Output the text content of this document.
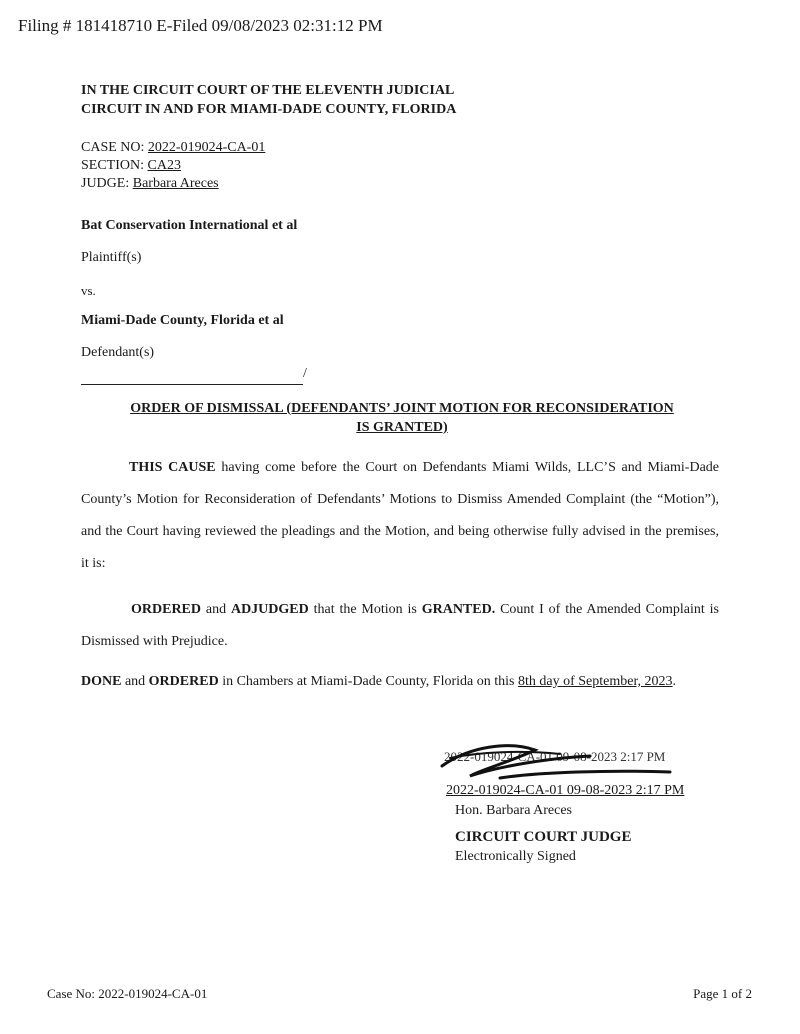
Filing # 181418710 E-Filed 09/08/2023 02:31:12 PM
IN THE CIRCUIT COURT OF THE ELEVENTH JUDICIAL
CIRCUIT IN AND FOR MIAMI-DADE COUNTY, FLORIDA
CASE NO: 2022-019024-CA-01
SECTION: CA23
JUDGE: Barbara Areces
Bat Conservation International et al
Plaintiff(s)
vs.
Miami-Dade County, Florida et al
Defendant(s)
/
ORDER OF DISMISSAL (DEFENDANTS’ JOINT MOTION FOR RECONSIDERATION
IS GRANTED)
THIS CAUSE having come before the Court on Defendants Miami Wilds, LLC’S and Miami-Dade County’s Motion for Reconsideration of Defendants’ Motions to Dismiss Amended Complaint (the “Motion”), and the Court having reviewed the pleadings and the Motion, and being otherwise fully advised in the premises, it is:
ORDERED and ADJUDGED that the Motion is GRANTED. Count I of the Amended Complaint is Dismissed with Prejudice.
DONE and ORDERED in Chambers at Miami-Dade County, Florida on this 8th day of September, 2023.
2022-019024-CA-01 09-08-2023 2:17 PM
2022-019024-CA-01 09-08-2023 2:17 PM
Hon. Barbara Areces
CIRCUIT COURT JUDGE
Electronically Signed
Case No: 2022-019024-CA-01	Page 1 of 2
